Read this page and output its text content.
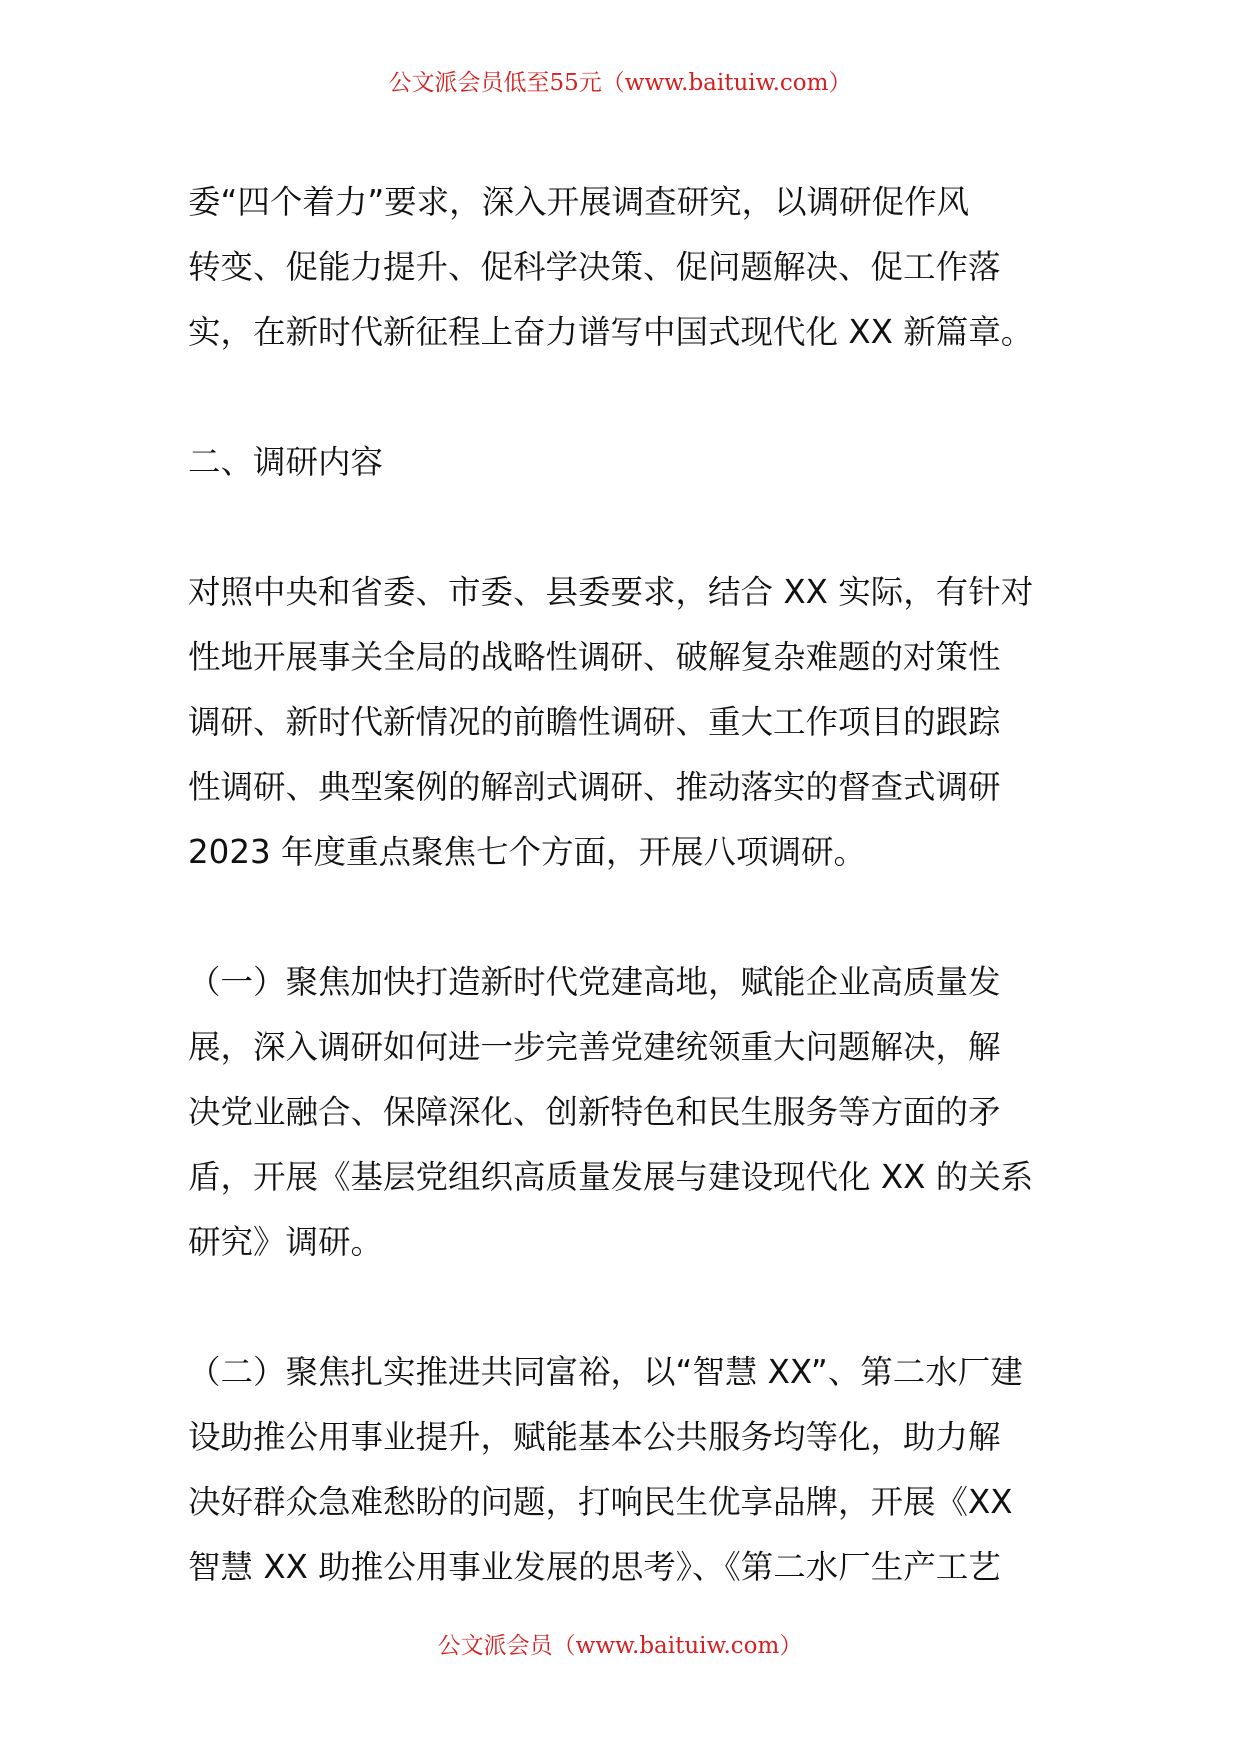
公文派会员低至55元（www.baituiw.com）
委“四个着力”要求，深入开展调查研究，以调研促作风
转变、促能力提升、促科学决策、促问题解决、促工作落
实，在新时代新征程上奋力谱写中国式现代化 XX 新篇章。
二、调研内容
对照中央和省委、市委、县委要求，结合 XX 实际，有针对
性地开展事关全局的战略性调研、破解复杂难题的对策性
调研、新时代新情况的前瞻性调研、重大工作项目的跟踪
性调研、典型案例的解剖式调研、推动落实的督查式调研
2023 年度重点聚焦七个方面，开展八项调研。
（一）聚焦加快打造新时代党建高地，赋能企业高质量发
展，深入调研如何进一步完善党建统领重大问题解决，解
决党业融合、保障深化、创新特色和民生服务等方面的矛
盾，开展《基层党组织高质量发展与建设现代化 XX 的关系
研究》调研。
（二）聚焦扎实推进共同富裕，以“智慧 XX”、第二水厂建
设助推公用事业提升，赋能基本公共服务均等化，助力解
决好群众急难愁盼的问题，打响民生优享品牌，开展《XX
智慧 XX 助推公用事业发展的思考》、《第二水厂生产工艺
公文派会员（www.baituiw.com）
